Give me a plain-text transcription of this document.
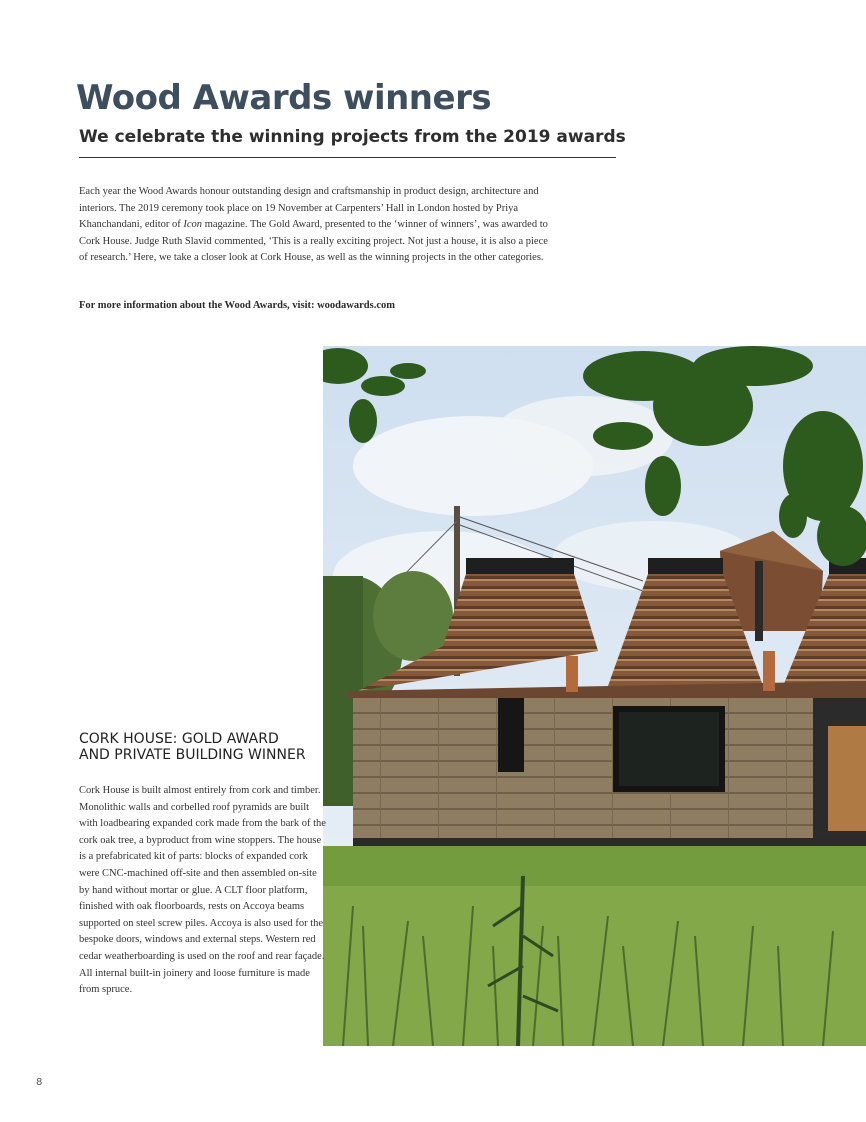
Wood Awards winners
We celebrate the winning projects from the 2019 awards

Each year the Wood Awards honour outstanding design and craftsmanship in product design, architecture and interiors. The 2019 ceremony took place on 19 November at Carpenters’ Hall in London hosted by Priya Khanchandani, editor of Icon magazine. The Gold Award, presented to the ‘winner of winners’, was awarded to Cork House. Judge Ruth Slavid commented, ‘This is a really exciting project. Not just a house, it is also a piece of research.’ Here, we take a closer look at Cork House, as well as the winning projects in the other categories.

For more information about the Wood Awards, visit: woodawards.com

CORK HOUSE: GOLD AWARD AND PRIVATE BUILDING WINNER

Cork House is built almost entirely from cork and timber. Monolithic walls and corbelled roof pyramids are built with loadbearing expanded cork made from the bark of the cork oak tree, a byproduct from wine stoppers. The house is a prefabricated kit of parts: blocks of expanded cork were CNC-machined off-site and then assembled on-site by hand without mortar or glue. A CLT floor platform, finished with oak floorboards, rests on Accoya beams supported on steel screw piles. Accoya is also used for the bespoke doors, windows and external steps. Western red cedar weatherboarding is used on the roof and rear façade. All internal built-in joinery and loose furniture is made from spruce.

8
